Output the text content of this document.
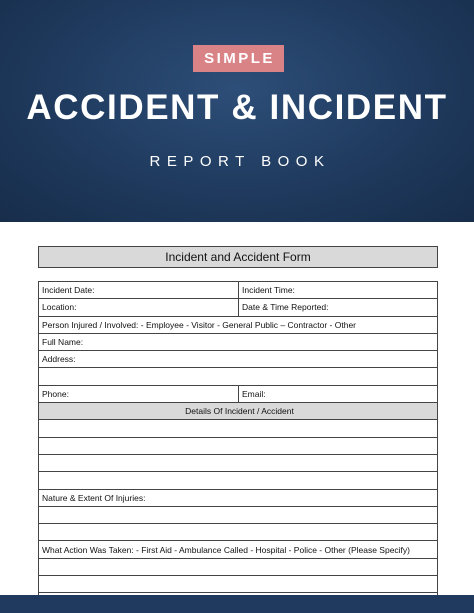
SIMPLE
ACCIDENT & INCIDENT
REPORT BOOK
Incident and Accident Form
Incident Date:	Incident Time:
Location:	Date & Time Reported:
Person Injured / Involved: - Employee - Visitor - General Public – Contractor - Other
Full Name:
Address:
Phone:	Email:
Details Of Incident / Accident
Nature & Extent Of Injuries:
What Action Was Taken: - First Aid - Ambulance Called - Hospital - Police - Other (Please Specify)
